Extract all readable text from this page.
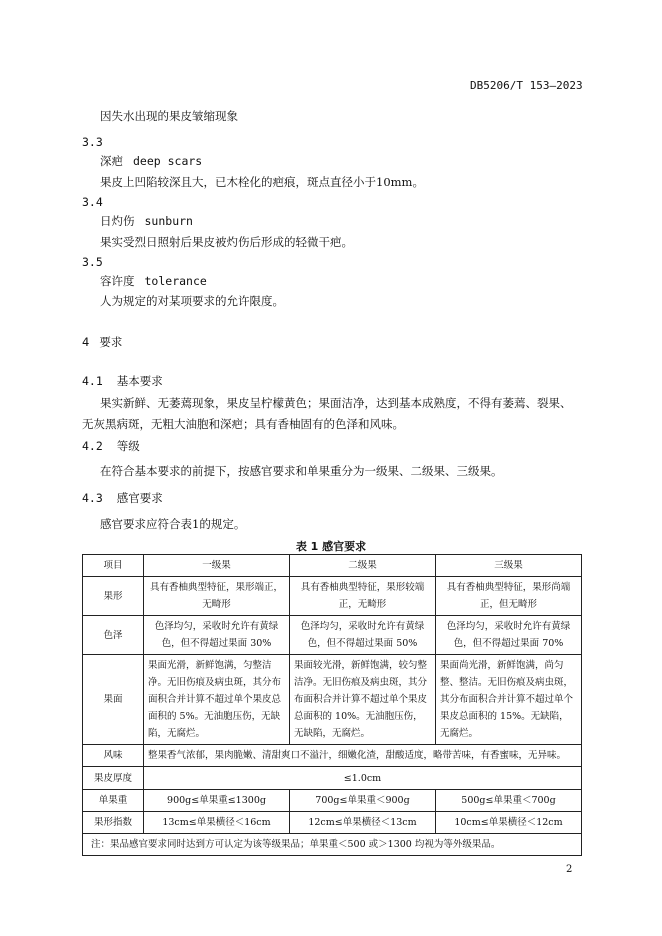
DB5206/T 153—2023
因失水出现的果皮皱缩现象
3.3
深疤 deep scars
果皮上凹陷较深且大，已木栓化的疤痕，斑点直径小于10mm。
3.4
日灼伤 sunburn
果实受烈日照射后果皮被灼伤后形成的轻微干疤。
3.5
容许度 tolerance
人为规定的对某项要求的允许限度。
4 要求
4.1 基本要求
果实新鲜、无萎蔫现象，果皮呈柠檬黄色；果面洁净，达到基本成熟度，不得有萎蔫、裂果、
无灰黑病斑，无粗大油胞和深疤；具有香柚固有的色泽和风味。
4.2 等级
在符合基本要求的前提下，按感官要求和单果重分为一级果、二级果、三级果。
4.3 感官要求
感官要求应符合表1的规定。
表 1 感官要求
项目	一级果	二级果	三级果
果形	具有香柚典型特征，果形端正，无畸形	具有香柚典型特征，果形较端正，无畸形	具有香柚典型特征，果形尚端正，但无畸形
色泽	色泽均匀，采收时允许有黄绿色，但不得超过果面 30%	色泽均匀，采收时允许有黄绿色，但不得超过果面 50%	色泽均匀，采收时允许有黄绿色，但不得超过果面 70%
果面	果面光滑，新鲜饱满，匀整洁净。无旧伤痕及病虫斑，其分布面积合并计算不超过单个果皮总面积的 5%。无油胞压伤，无缺陷，无腐烂。	果面较光滑，新鲜饱满，较匀整洁净。无旧伤痕及病虫斑，其分布面积合并计算不超过单个果皮总面积的 10%。无油胞压伤，无缺陷，无腐烂。	果面尚光滑，新鲜饱满，尚匀整、整洁。无旧伤痕及病虫斑，其分布面积合并计算不超过单个果皮总面积的 15%。无缺陷，无腐烂。
风味	整果香气浓郁，果肉脆嫩、清甜爽口不溢汁，细嫩化渣，甜酸适度，略带苦味，有香蜜味，无异味。		
果皮厚度	≤1.0cm		
单果重	900g≤单果重≤1300g	700g≤单果重＜900g	500g≤单果重＜700g
果形指数	13cm≤单果横径＜16cm	12cm≤单果横径＜13cm	10cm≤单果横径＜12cm
注：果品感官要求同时达到方可认定为该等级果品；单果重＜500 或＞1300 均视为等外级果品。			
2
